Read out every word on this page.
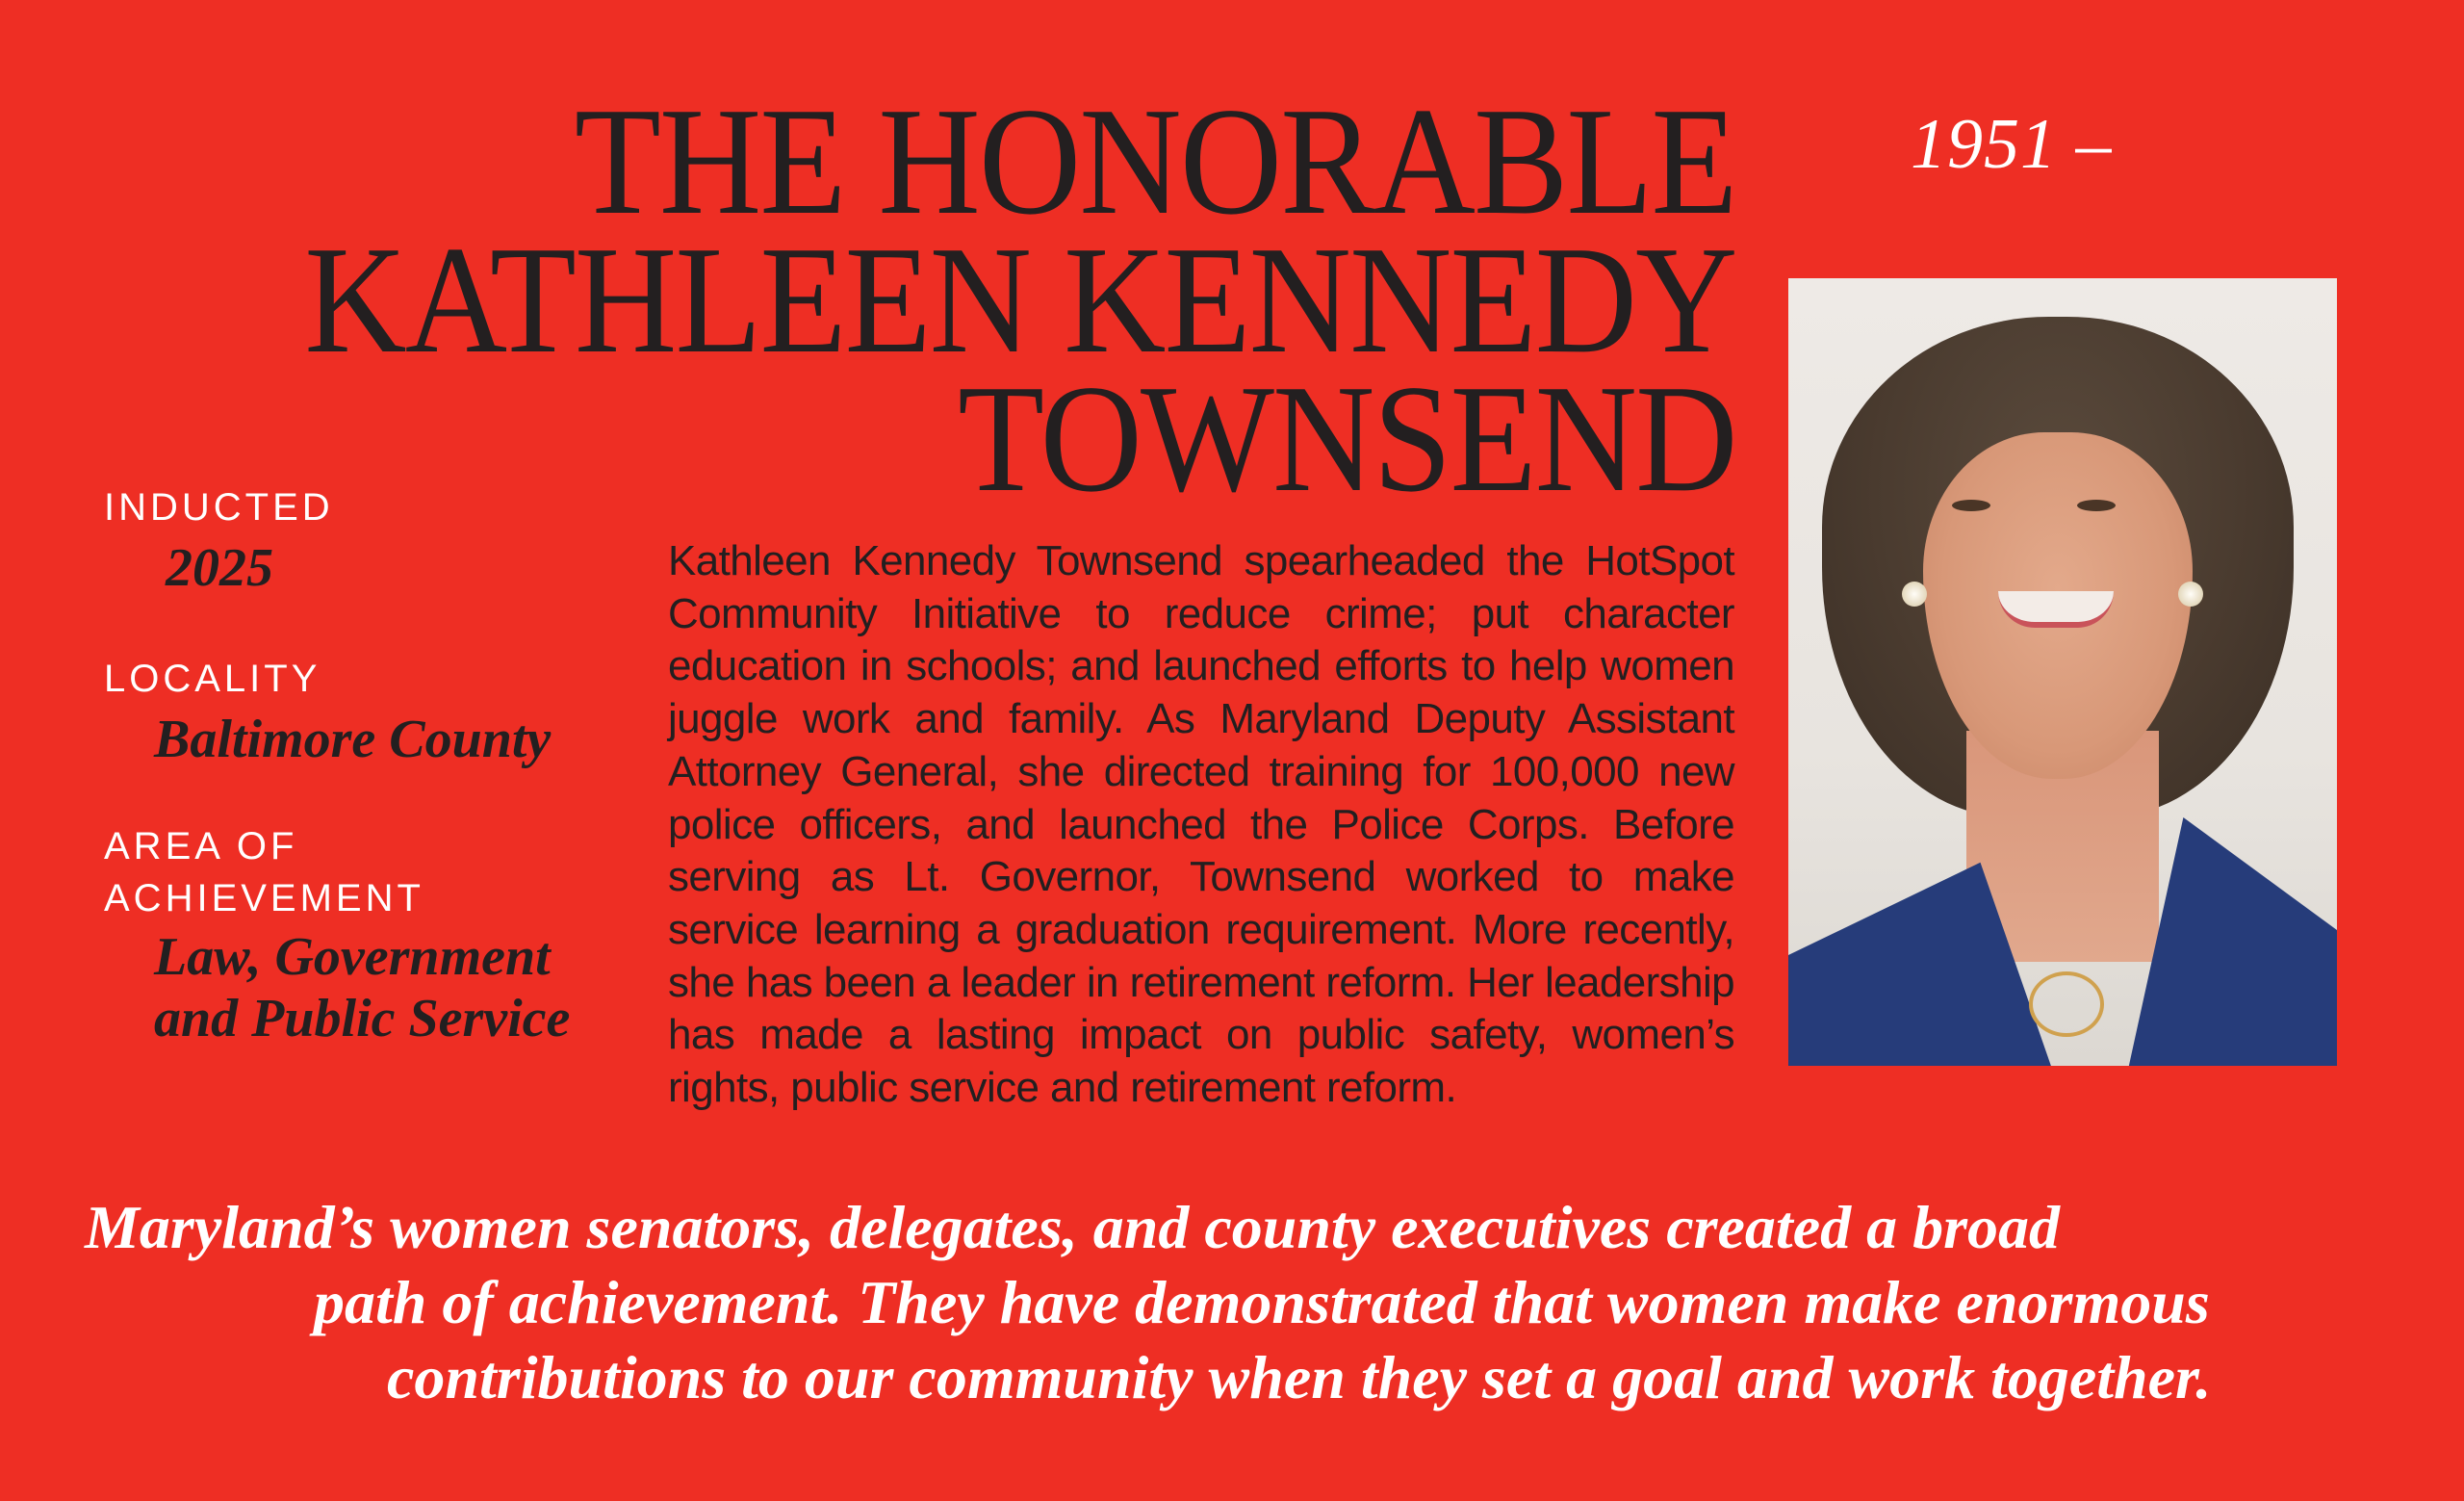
THE HONORABLE
KATHLEEN KENNEDY
TOWNSEND
1951 –
INDUCTED
2025
LOCALITY
Baltimore County
AREA OF
ACHIEVEMENT
Law, Government
and Public Service
Kathleen Kennedy Townsend spearheaded the HotSpot Community Initiative to reduce crime; put character education in schools; and launched efforts to help women juggle work and family. As Maryland Deputy Assistant Attorney General, she directed training for 100,000 new police officers, and launched the Police Corps. Before serving as Lt. Governor, Townsend worked to make service learning a graduation requirement. More recently, she has been a leader in retirement reform. Her leadership has made a lasting impact on public safety, women’s rights, public service and retirement reform.
Maryland’s women senators, delegates, and county executives created a broad
path of achievement. They have demonstrated that women make enormous
contributions to our community when they set a goal and work together.
